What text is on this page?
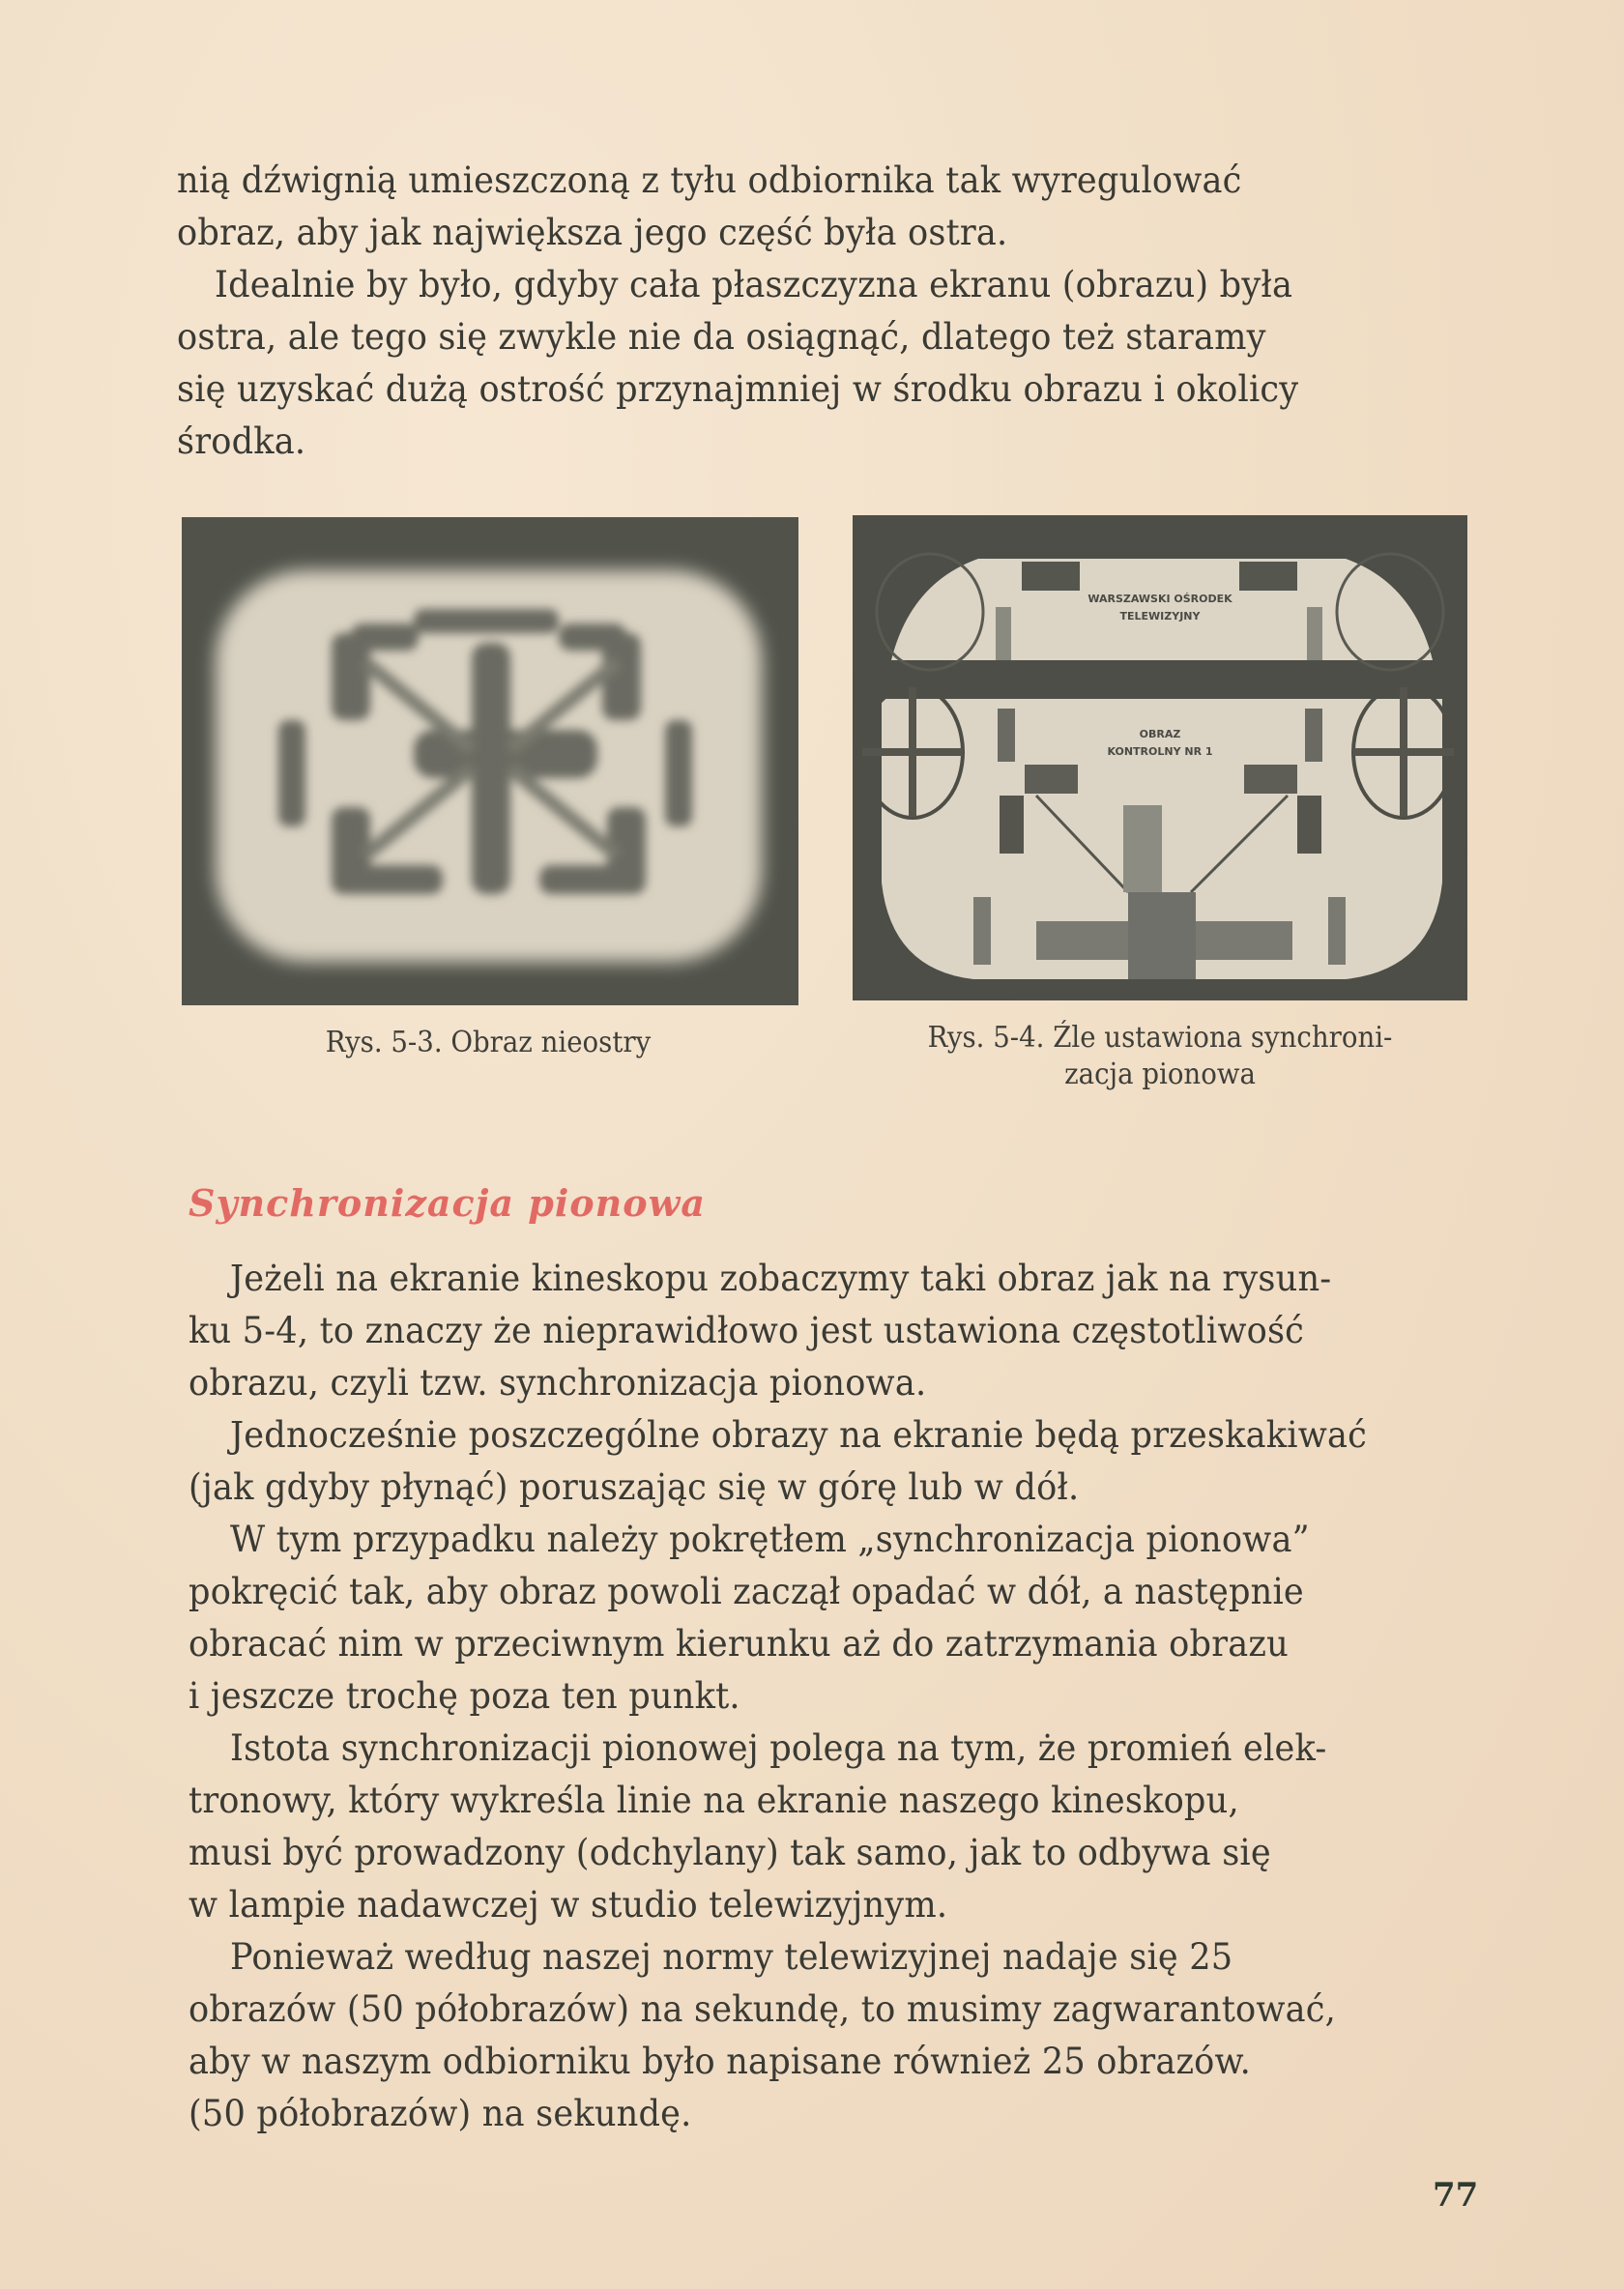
nią dźwignią umieszczoną z tyłu odbiornika tak wyregulować
obraz, aby jak największa jego część była ostra.
Idealnie by było, gdyby cała płaszczyzna ekranu (obrazu) była
ostra, ale tego się zwykle nie da osiągnąć, dlatego też staramy
się uzyskać dużą ostrość przynajmniej w środku obrazu i okolicy
środka.
WARSZAWSKI OŚRODEK
TELEWIZYJNY
OBRAZ
KONTROLNY NR 1
Rys. 5-3. Obraz nieostry	Rys. 5-4. Źle ustawiona synchroni-
zacja pionowa
Synchronizacja pionowa
Jeżeli na ekranie kineskopu zobaczymy taki obraz jak na rysun-
ku 5-4, to znaczy że nieprawidłowo jest ustawiona częstotliwość
obrazu, czyli tzw. synchronizacja pionowa.
Jednocześnie poszczególne obrazy na ekranie będą przeskakiwać
(jak gdyby płynąć) poruszając się w górę lub w dół.
W tym przypadku należy pokrętłem „synchronizacja pionowa”
pokręcić tak, aby obraz powoli zaczął opadać w dół, a następnie
obracać nim w przeciwnym kierunku aż do zatrzymania obrazu
i jeszcze trochę poza ten punkt.
Istota synchronizacji pionowej polega na tym, że promień elek-
tronowy, który wykreśla linie na ekranie naszego kineskopu,
musi być prowadzony (odchylany) tak samo, jak to odbywa się
w lampie nadawczej w studio telewizyjnym.
Ponieważ według naszej normy telewizyjnej nadaje się 25
obrazów (50 półobrazów) na sekundę, to musimy zagwarantować,
aby w naszym odbiorniku było napisane również 25 obrazów.
(50 półobrazów) na sekundę.
77
